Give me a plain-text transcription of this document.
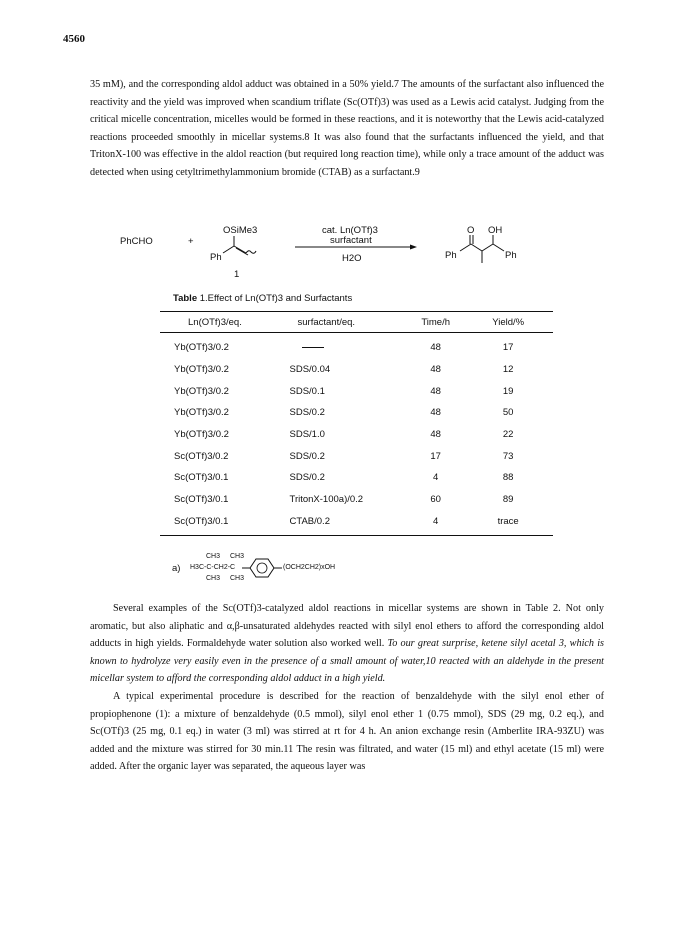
4560

35 mM), and the corresponding aldol adduct was obtained in a 50% yield.7 The amounts of the surfactant also influenced the reactivity and the yield was improved when scandium triflate (Sc(OTf)3) was used as a Lewis acid catalyst. Judging from the critical micelle concentration, micelles would be formed in these reactions, and it is noteworthy that the Lewis acid-catalyzed reactions proceeded smoothly in micellar systems.8 It was also found that the surfactants influenced the yield, and that TritonX-100 was effective in the aldol reaction (but required long reaction time), while only a trace amount of the adduct was detected when using cetyltrimethylammonium bromide (CTAB) as a surfactant.9

PhCHO	+
OSiMe3
Ph
1
cat. Ln(OTf)3
surfactant
H2O
O OH
Ph	Ph
Table 1.Effect of Ln(OTf)3 and Surfactants
Ln(OTf)3/eq.	surfactant/eq.	Time/h	Yield/%
Yb(OTf)3/0.2		48	17
Yb(OTf)3/0.2	SDS/0.04	48	12
Yb(OTf)3/0.2	SDS/0.1	48	19
Yb(OTf)3/0.2	SDS/0.2	48	50
Yb(OTf)3/0.2	SDS/1.0	48	22
Sc(OTf)3/0.2	SDS/0.2	17	73
Sc(OTf)3/0.1	SDS/0.2	4	88
Sc(OTf)3/0.1	TritonX-100a)/0.2	60	89
Sc(OTf)3/0.1	CTAB/0.2	4	trace
a)
CH3 CH3
H3C-C-CH2-C
CH3 CH3
(OCH2CH2)xOH

Several examples of the Sc(OTf)3-catalyzed aldol reactions in micellar systems are shown in Table 2. Not only aromatic, but also aliphatic and α,β-unsaturated aldehydes reacted with silyl enol ethers to afford the corresponding aldol adducts in high yields. Formaldehyde water solution also worked well. To our great surprise, ketene silyl acetal 3, which is known to hydrolyze very easily even in the presence of a small amount of water,10 reacted with an aldehyde in the present micellar system to afford the corresponding aldol adduct in a high yield.

A typical experimental procedure is described for the reaction of benzaldehyde with the silyl enol ether of propiophenone (1): a mixture of benzaldehyde (0.5 mmol), silyl enol ether 1 (0.75 mmol), SDS (29 mg, 0.2 eq.), and Sc(OTf)3 (25 mg, 0.1 eq.) in water (3 ml) was stirred at rt for 4 h. An anion exchange resin (Amberlite IRA-93ZU) was added and the mixture was stirred for 30 min.11 The resin was filtrated, and water (15 ml) and ethyl acetate (15 ml) were added. After the organic layer was separated, the aqueous layer was
